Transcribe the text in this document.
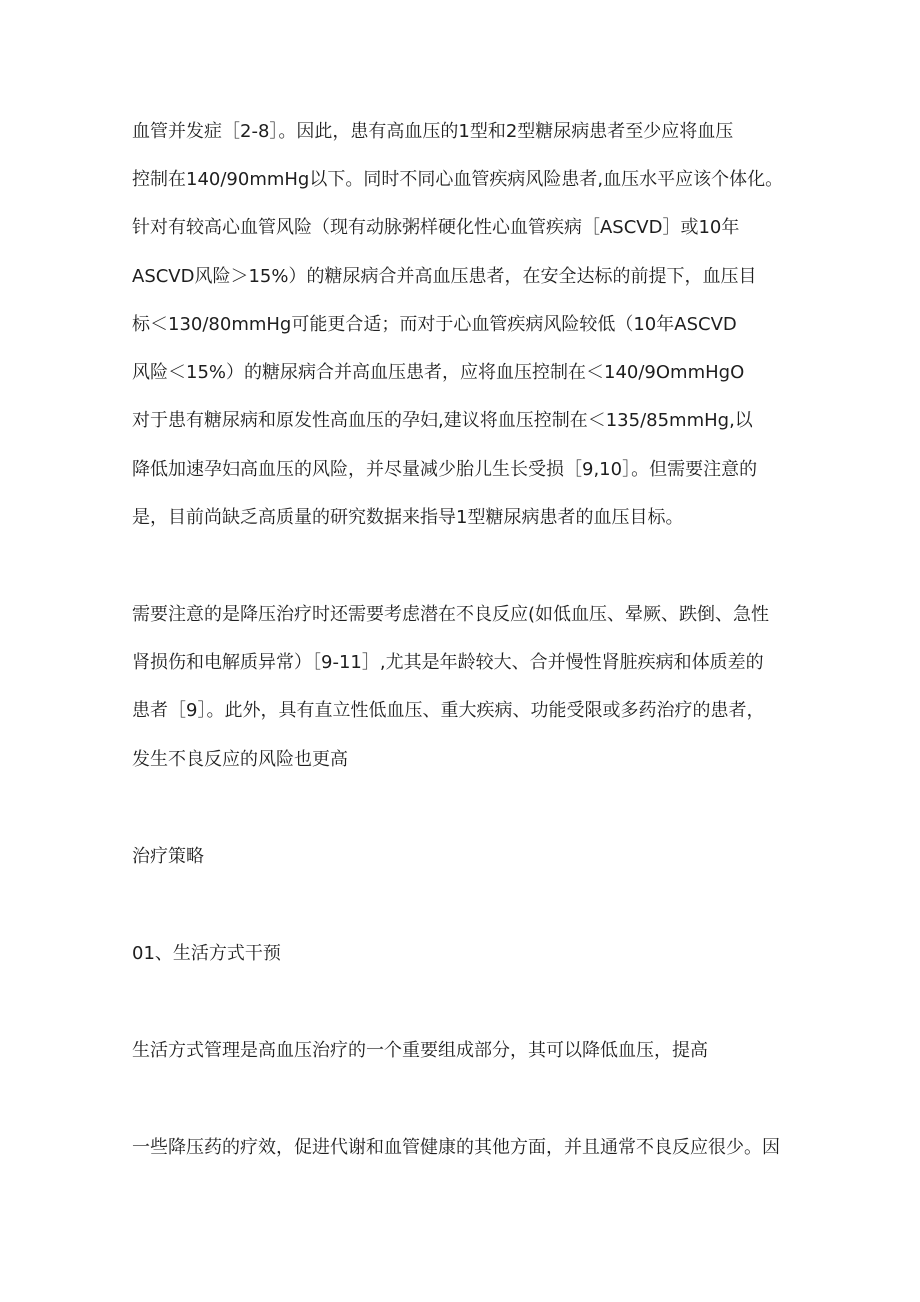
血管并发症［2-8］。因此，患有高血压的1型和2型糖尿病患者至少应将血压
控制在140/90mmHg以下。同时不同心血管疾病风险患者,血压水平应该个体化。
针对有较高心血管风险（现有动脉粥样硬化性心血管疾病［ASCVD］或10年
ASCVD风险＞15%）的糖尿病合并高血压患者，在安全达标的前提下，血压目
标＜130/80mmHg可能更合适；而对于心血管疾病风险较低（10年ASCVD
风险＜15%）的糖尿病合并高血压患者，应将血压控制在＜140/9OmmHgO
对于患有糖尿病和原发性高血压的孕妇,建议将血压控制在＜135/85mmHg,以
降低加速孕妇高血压的风险，并尽量减少胎儿生长受损［9,10］。但需要注意的
是，目前尚缺乏高质量的研究数据来指导1型糖尿病患者的血压目标。
需要注意的是降压治疗时还需要考虑潜在不良反应(如低血压、晕厥、跌倒、急性
肾损伤和电解质异常）［9-11］,尤其是年龄较大、合并慢性肾脏疾病和体质差的
患者［9］。此外，具有直立性低血压、重大疾病、功能受限或多药治疗的患者，
发生不良反应的风险也更高
治疗策略
01、生活方式干预
生活方式管理是高血压治疗的一个重要组成部分，其可以降低血压，提高
一些降压药的疗效，促进代谢和血管健康的其他方面，并且通常不良反应很少。因
